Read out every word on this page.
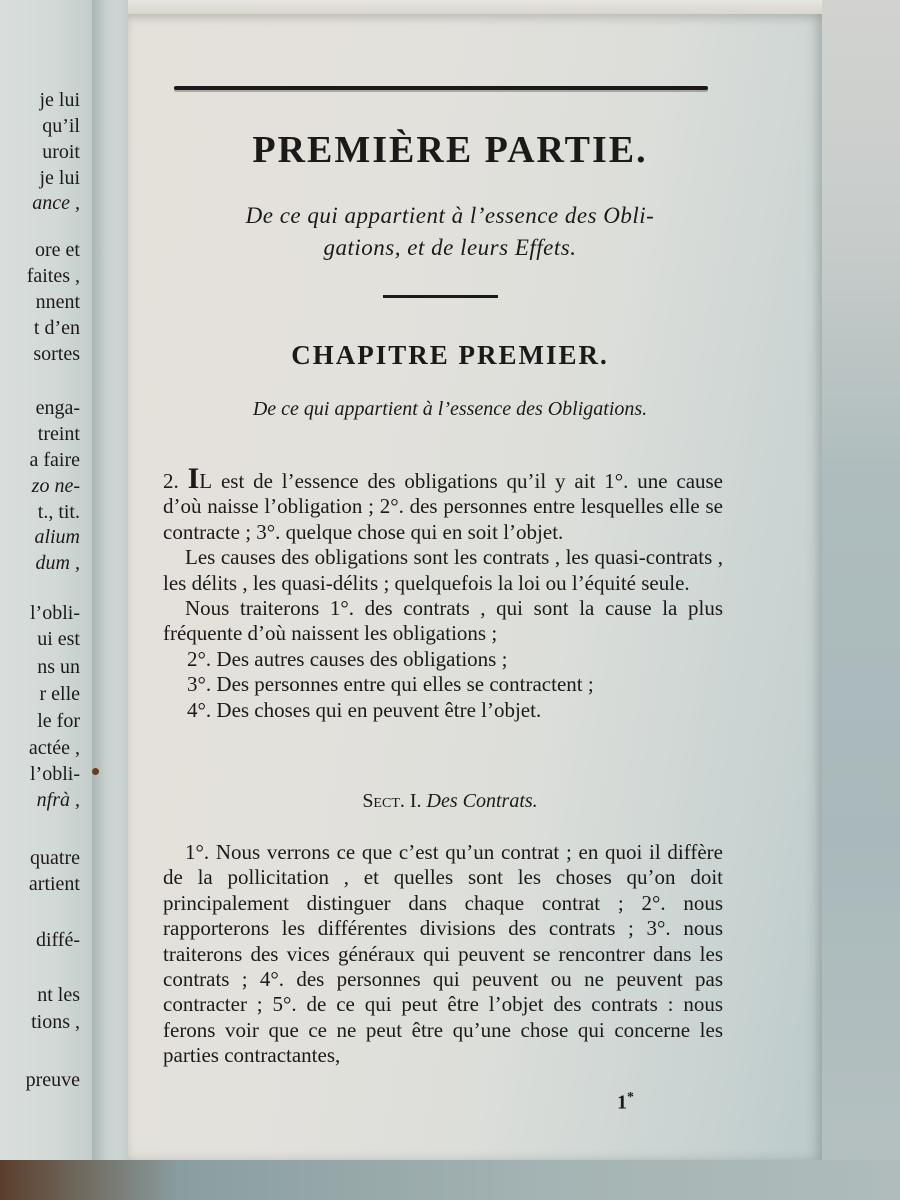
je lui
qu’il
uroit
je lui
ance ,
ore et
faites ,
nnent
t d’en
sortes
enga-
treint
a faire
zo ne-
t., tit.
alium
dum ,
l’obli-
ui est
ns un
r elle
le for
actée ,
l’obli-
nfrà ,
quatre
artient
diffé-
nt les
tions ,
preuve
PREMIÈRE PARTIE.
De ce qui appartient à l’essence des Obli-
gations, et de leurs Effets.
CHAPITRE PREMIER.
De ce qui appartient à l’essence des Obligations.

2. IL est de l’essence des obligations qu’il y ait 1°. une cause d’où naisse l’obligation ; 2°. des personnes entre lesquelles elle se contracte ; 3°. quelque chose qui en soit l’objet.

Les causes des obligations sont les contrats , les quasi-contrats , les délits , les quasi-délits ; quelquefois la loi ou l’équité seule.

Nous traiterons 1°. des contrats , qui sont la cause la plus fréquente d’où naissent les obligations ;

2°. Des autres causes des obligations ;

3°. Des personnes entre qui elles se contractent ;

4°. Des choses qui en peuvent être l’objet.

Sect. I. Des Contrats.

1°. Nous verrons ce que c’est qu’un contrat ; en quoi il diffère de la pollicitation , et quelles sont les choses qu’on doit principalement distinguer dans chaque contrat ; 2°. nous rapporterons les différentes divisions des contrats ; 3°. nous traiterons des vices généraux qui peuvent se rencontrer dans les contrats ; 4°. des personnes qui peuvent ou ne peuvent pas contracter ; 5°. de ce qui peut être l’objet des contrats : nous ferons voir que ce ne peut être qu’une chose qui concerne les parties contractantes,

1*
